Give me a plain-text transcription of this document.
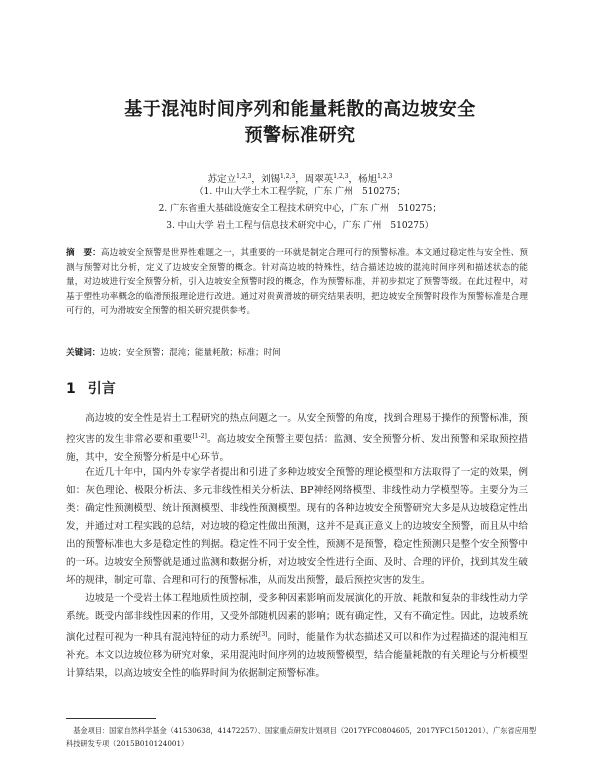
基于混沌时间序列和能量耗散的高边坡安全
预警标准研究
苏定立$^{1,2,3}$，刘锡$^{1,2,3}$，周翠英$^{1,2,3}$，杨旭$^{1,2,3}$
（1. 中山大学土木工程学院，广东 广州　510275；
2. 广东省重大基础设施安全工程技术研究中心，广东 广州　510275；
3. 中山大学 岩土工程与信息技术研究中心，广东 广州　510275）

摘　要：高边坡安全预警是世界性难题之一，其重要的一环就是制定合理可行的预警标准。本文通过稳定性与安全性、预测与预警对比分析，定义了边坡安全预警的概念。针对高边坡的特殊性，结合描述边坡的混沌时间序列和描述状态的能量，对边坡进行安全预警分析，引入边坡安全预警时段的概念，作为预警标准，并初步拟定了预警等级。在此过程中，对基于塑性功率概念的临滑预报理论进行改进。通过对贵黄滑坡的研究结果表明，把边坡安全预警时段作为预警标准是合理可行的，可为滑坡安全预警的相关研究提供参考。

关键词：边坡；安全预警；混沌；能量耗散；标准；时间
1 引言

高边坡的安全性是岩土工程研究的热点问题之一。从安全预警的角度，找到合理易于操作的预警标准，预控灾害的发生非常必要和重要[1-2]。高边坡安全预警主要包括：监测、安全预警分析、发出预警和采取预控措施，其中，安全预警分析是中心环节。

在近几十年中，国内外专家学者提出和引进了多种边坡安全预警的理论模型和方法取得了一定的效果，例如：灰色理论、极限分析法、多元非线性相关分析法、BP神经网络模型、非线性动力学模型等。主要分为三类：确定性预测模型、统计预测模型、非线性预测模型。现有的各种边坡安全预警研究大多是从边坡稳定性出发，并通过对工程实践的总结，对边坡的稳定性做出预测，这并不是真正意义上的边坡安全预警，而且从中给出的预警标准也大多是稳定性的判据。稳定性不同于安全性，预测不是预警，稳定性预测只是整个安全预警中的一环。边坡安全预警就是通过监测和数据分析，对边坡安全性进行全面、及时、合理的评价，找到其发生破坏的规律，制定可靠、合理和可行的预警标准，从而发出预警，最后预控灾害的发生。

边坡是一个受岩土体工程地质性质控制，受多种因素影响而发展演化的开放、耗散和复杂的非线性动力学系统。既受内部非线性因素的作用，又受外部随机因素的影响；既有确定性，又有不确定性。因此，边坡系统演化过程可视为一种具有混沌特征的动力系统[3]。同时，能量作为状态描述又可以和作为过程描述的混沌相互补充。本文以边坡位移为研究对象，采用混沌时间序列的边坡预警模型，结合能量耗散的有关理论与分析模型计算结果，以高边坡安全性的临界时间为依据制定预警标准。

基金项目：国家自然科学基金（41530638，41472257）、国家重点研发计划项目（2017YFC0804605，2017YFC1501201）、广东省应用型科技研发专项（2015B010124001）
